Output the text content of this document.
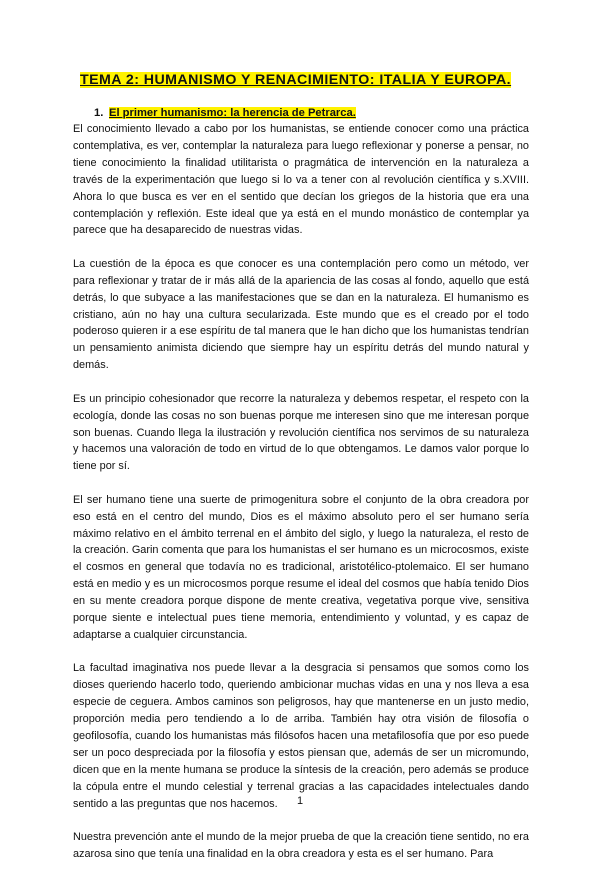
TEMA 2: HUMANISMO Y RENACIMIENTO: ITALIA Y EUROPA.
1. El primer humanismo: la herencia de Petrarca.

El conocimiento llevado a cabo por los humanistas, se entiende conocer como una práctica contemplativa, es ver, contemplar la naturaleza para luego reflexionar y ponerse a pensar, no tiene conocimiento la finalidad utilitarista o pragmática de intervención en la naturaleza a través de la experimentación que luego si lo va a tener con al revolución científica y s.XVIII. Ahora lo que busca es ver en el sentido que decían los griegos de la historia que era una contemplación y reflexión. Este ideal que ya está en el mundo monástico de contemplar ya parece que ha desaparecido de nuestras vidas.

La cuestión de la época es que conocer es una contemplación pero como un método, ver para reflexionar y tratar de ir más allá de la apariencia de las cosas al fondo, aquello que está detrás, lo que subyace a las manifestaciones que se dan en la naturaleza. El humanismo es cristiano, aún no hay una cultura secularizada. Este mundo que es el creado por el todo poderoso quieren ir a ese espíritu de tal manera que le han dicho que los humanistas tendrían un pensamiento animista diciendo que siempre hay un espíritu detrás del mundo natural y demás.

Es un principio cohesionador que recorre la naturaleza y debemos respetar, el respeto con la ecología, donde las cosas no son buenas porque me interesen sino que me interesan porque son buenas. Cuando llega la ilustración y revolución científica nos servimos de su naturaleza y hacemos una valoración de todo en virtud de lo que obtengamos. Le damos valor porque lo tiene por sí.

El ser humano tiene una suerte de primogenitura sobre el conjunto de la obra creadora por eso está en el centro del mundo, Dios es el máximo absoluto pero el ser humano sería máximo relativo en el ámbito terrenal en el ámbito del siglo, y luego la naturaleza, el resto de la creación. Garin comenta que para los humanistas el ser humano es un microcosmos, existe el cosmos en general que todavía no es tradicional, aristotélico-ptolemaico. El ser humano está en medio y es un microcosmos porque resume el ideal del cosmos que había tenido Dios en su mente creadora porque dispone de mente creativa, vegetativa porque vive, sensitiva porque siente e intelectual pues tiene memoria, entendimiento y voluntad, y es capaz de adaptarse a cualquier circunstancia.

La facultad imaginativa nos puede llevar a la desgracia si pensamos que somos como los dioses queriendo hacerlo todo, queriendo ambicionar muchas vidas en una y nos lleva a esa especie de ceguera. Ambos caminos son peligrosos, hay que mantenerse en un justo medio, proporción media pero tendiendo a lo de arriba. También hay otra visión de filosofía o geofilosofía, cuando los humanistas más filósofos hacen una metafilosofía que por eso puede ser un poco despreciada por la filosofía y estos piensan que, además de ser un micromundo, dicen que en la mente humana se produce la síntesis de la creación, pero además se produce la cópula entre el mundo celestial y terrenal gracias a las capacidades intelectuales dando sentido a las preguntas que nos hacemos.

Nuestra prevención ante el mundo de la mejor prueba de que la creación tiene sentido, no era azarosa sino que tenía una finalidad en la obra creadora y esta es el ser humano. Para

1
